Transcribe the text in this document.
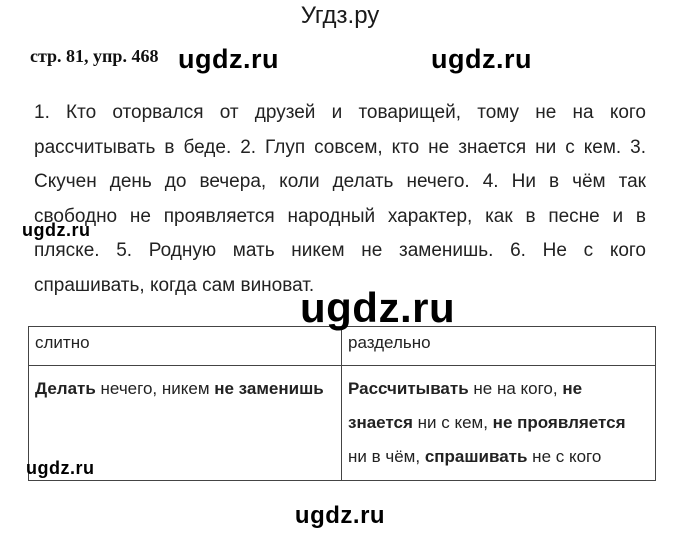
Угдз.ру
стр. 81, упр. 468 ugdz.ru	ugdz.ru
1. Кто оторвался от друзей и товарищей, тому не на кого рассчитывать в беде. 2. Глуп совсем, кто не знается ни с кем. 3. Скучен день до вечера, коли делать нечего. 4. Ни в чём так свободно не проявляется народный характер, как в песне и в пляске. 5. Родную мать никем не заменишь. 6. Не с кого спрашивать, когда сам виноват.
ugdz.ru
слитно	раздельно
Делать нечего, никем не заменишь	Рассчитывать не на кого, не знается ни с кем, не проявляется ни в чём, спрашивать не с кого
ugdz.ru
ugdz.ru
ugdz.ru
